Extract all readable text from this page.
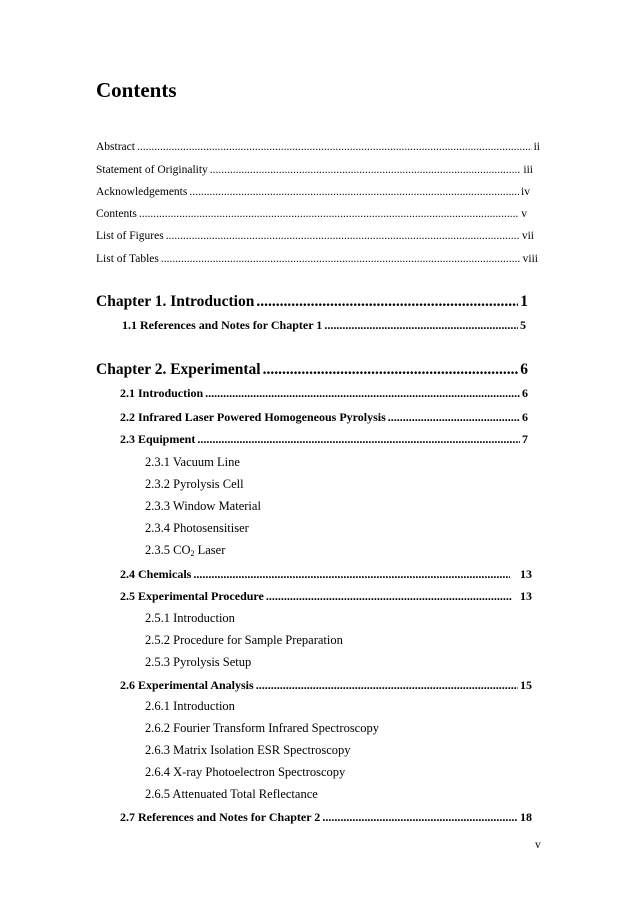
Contents
Abstract .....	ii
Statement of Originality .....	iii
Acknowledgements .....	iv
Contents .....	v
List of Figures .....	vii
List of Tables .....	viii
Chapter 1. Introduction .....	1
1.1 References and Notes for Chapter 1 .....	5
Chapter 2. Experimental .....	6
2.1 Introduction .....	6
2.2 Infrared Laser Powered Homogeneous Pyrolysis .....	6
2.3 Equipment .....	7
2.3.1 Vacuum Line
2.3.2 Pyrolysis Cell
2.3.3 Window Material
2.3.4 Photosensitiser
2.3.5 $CO_2$ Laser
2.4 Chemicals .....	13
2.5 Experimental Procedure .....	13
2.5.1 Introduction
2.5.2 Procedure for Sample Preparation
2.5.3 Pyrolysis Setup
2.6 Experimental Analysis .....	15
2.6.1 Introduction
2.6.2 Fourier Transform Infrared Spectroscopy
2.6.3 Matrix Isolation ESR Spectroscopy
2.6.4 X-ray Photoelectron Spectroscopy
2.6.5 Attenuated Total Reflectance
2.7 References and Notes for Chapter 2 .....	18
v
